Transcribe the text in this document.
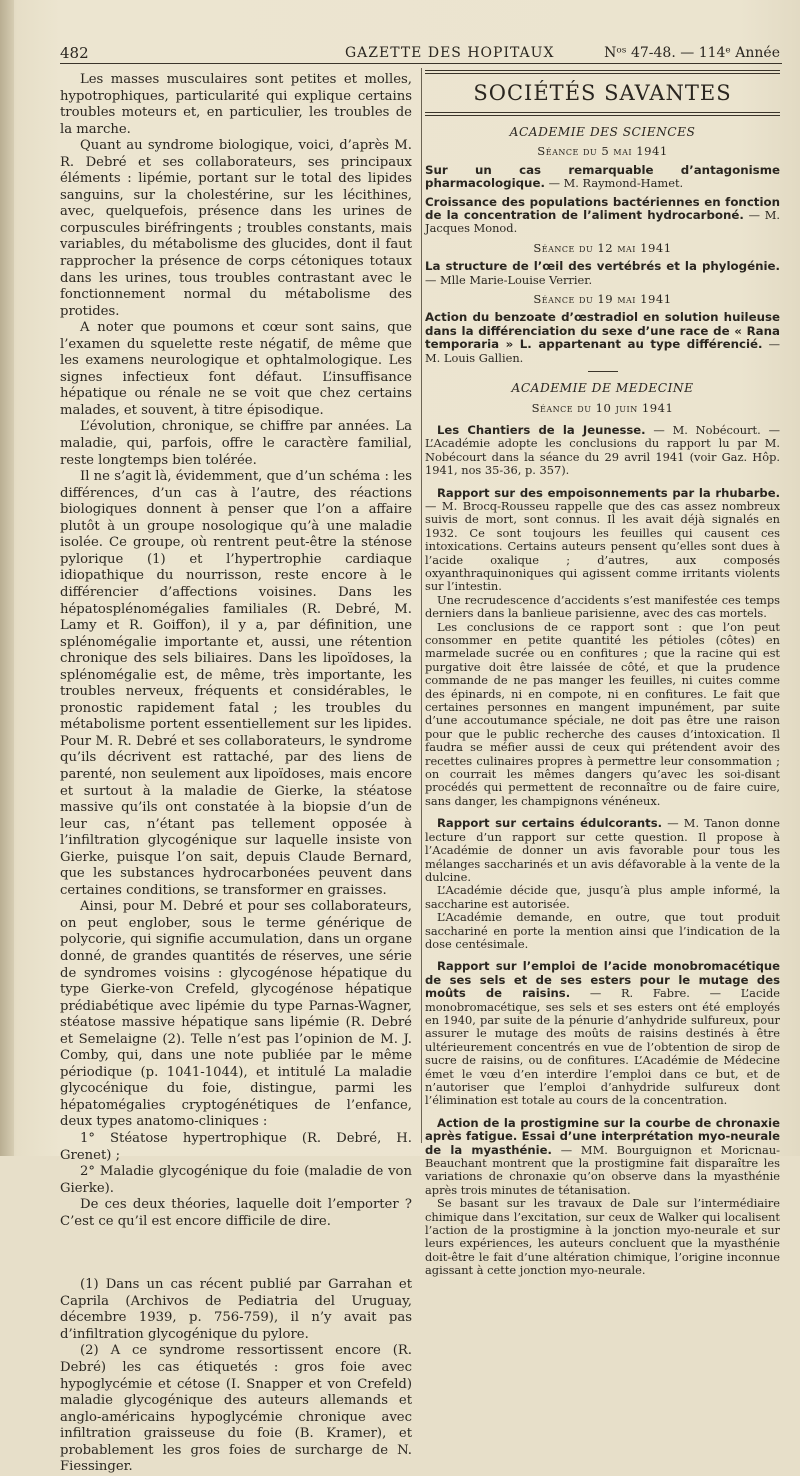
482	GAZETTE DES HOPITAUX	Nᵒˢ 47-48. — 114ᵉ Année

Les masses musculaires sont petites et molles, hypotrophiques, particularité qui explique certains troubles moteurs et, en particulier, les troubles de la marche.

Quant au syndrome biologique, voici, d’après M. R. Debré et ses collaborateurs, ses principaux éléments : lipémie, portant sur le total des lipides sanguins, sur la cholestérine, sur les lécithines, avec, quelquefois, présence dans les urines de corpuscules biréfringents ; troubles constants, mais variables, du métabolisme des glucides, dont il faut rapprocher la présence de corps cétoniques totaux dans les urines, tous troubles contrastant avec le fonctionnement normal du métabolisme des protides.

A noter que poumons et cœur sont sains, que l’examen du squelette reste négatif, de même que les examens neurologique et ophtalmologique. Les signes infectieux font défaut. L’insuffisance hépatique ou rénale ne se voit que chez certains malades, et souvent, à titre épisodique.

L’évolution, chronique, se chiffre par années. La maladie, qui, parfois, offre le caractère familial, reste longtemps bien tolérée.

Il ne s’agit là, évidemment, que d’un schéma : les différences, d’un cas à l’autre, des réactions biologiques donnent à penser que l’on a affaire plutôt à un groupe nosologique qu’à une maladie isolée. Ce groupe, où rentrent peut-être la sténose pylorique (1) et l’hypertrophie cardiaque idiopathique du nourrisson, reste encore à le différencier d’affections voisines. Dans les hépatosplénomégalies familiales (R. Debré, M. Lamy et R. Goiffon), il y a, par définition, une splénomégalie importante et, aussi, une rétention chronique des sels biliaires. Dans les lipoïdoses, la splénomégalie est, de même, très importante, les troubles nerveux, fréquents et considérables, le pronostic rapidement fatal ; les troubles du métabolisme portent essentiellement sur les lipides. Pour M. R. Debré et ses collaborateurs, le syndrome qu’ils décrivent est rattaché, par des liens de parenté, non seulement aux lipoïdoses, mais encore et surtout à la maladie de Gierke, la stéatose massive qu’ils ont constatée à la biopsie d’un de leur cas, n’étant pas tellement opposée à l’infiltration glycogénique sur laquelle insiste von Gierke, puisque l’on sait, depuis Claude Bernard, que les substances hydrocarbonées peuvent dans certaines conditions, se transformer en graisses.

Ainsi, pour M. Debré et pour ses collaborateurs, on peut englober, sous le terme générique de polycorie, qui signifie accumulation, dans un organe donné, de grandes quantités de réserves, une série de syndromes voisins : glycogénose hépatique du type Gierke-von Crefeld, glycogénose hépatique prédiabétique avec lipémie du type Parnas-Wagner, stéatose massive hépatique sans lipémie (R. Debré et Semelaigne (2). Telle n’est pas l’opinion de M. J. Comby, qui, dans une note publiée par le même périodique (p. 1041-1044), et intitulé La maladie glycocénique du foie, distingue, parmi les hépatomégalies cryptogénétiques de l’enfance, deux types anatomo-cliniques :

1° Stéatose hypertrophique (R. Debré, H. Grenet) ;

2° Maladie glycogénique du foie (maladie de von Gierke).

De ces deux théories, laquelle doit l’emporter ? C’est ce qu’il est encore difficile de dire.

(1) Dans un cas récent publié par Garrahan et Caprila (Archivos de Pediatria del Uruguay, décembre 1939, p. 756-759), il n’y avait pas d’infiltration glycogénique du pylore.

(2) A ce syndrome ressortissent encore (R. Debré) les cas étiquetés : gros foie avec hypoglycémie et cétose (I. Snapper et von Crefeld) maladie glycogénique des auteurs allemands et anglo-américains hypoglycémie chronique avec infiltration graisseuse du foie (B. Kramer), et probablement les gros foies de surcharge de N. Fiessinger.

SOCIÉTÉS SAVANTES
ACADEMIE DES SCIENCES
Séance du 5 mai 1941
Sur un cas remarquable d’antagonisme pharmacologique. — M. Raymond-Hamet.
Croissance des populations bactériennes en fonction de la concentration de l’aliment hydrocarboné. — M. Jacques Monod.
Séance du 12 mai 1941
La structure de l’œil des vertébrés et la phylogénie. — Mlle Marie-Louise Verrier.
Séance du 19 mai 1941
Action du benzoate d’œstradiol en solution huileuse dans la différenciation du sexe d’une race de « Rana temporaria » L. appartenant au type différencié. — M. Louis Gallien.
ACADEMIE DE MEDECINE
Séance du 10 juin 1941

Les Chantiers de la Jeunesse. — M. Nobécourt. — L’Académie adopte les conclusions du rapport lu par M. Nobécourt dans la séance du 29 avril 1941 (voir Gaz. Hôp. 1941, nos 35-36, p. 357).

Rapport sur des empoisonnements par la rhubarbe. — M. Brocq-Rousseu rappelle que des cas assez nombreux suivis de mort, sont connus. Il les avait déjà signalés en 1932. Ce sont toujours les feuilles qui causent ces intoxications. Certains auteurs pensent qu’elles sont dues à l’acide oxalique ; d’autres, aux composés oxyanthraquinoniques qui agissent comme irritants violents sur l’intestin.

Une recrudescence d’accidents s’est manifestée ces temps derniers dans la banlieue parisienne, avec des cas mortels.

Les conclusions de ce rapport sont : que l’on peut consommer en petite quantité les pétioles (côtes) en marmelade sucrée ou en confitures ; que la racine qui est purgative doit être laissée de côté, et que la prudence commande de ne pas manger les feuilles, ni cuites comme des épinards, ni en compote, ni en confitures. Le fait que certaines personnes en mangent impunément, par suite d’une accoutumance spéciale, ne doit pas être une raison pour que le public recherche des causes d’intoxication. Il faudra se méfier aussi de ceux qui prétendent avoir des recettes culinaires propres à permettre leur consommation ; on courrait les mêmes dangers qu’avec les soi-disant procédés qui permettent de reconnaître ou de faire cuire, sans danger, les champignons vénéneux.

Rapport sur certains édulcorants. — M. Tanon donne lecture d’un rapport sur cette question. Il propose à l’Académie de donner un avis favorable pour tous les mélanges saccharinés et un avis défavorable à la vente de la dulcine.

L’Académie décide que, jusqu’à plus ample informé, la saccharine est autorisée.

L’Académie demande, en outre, que tout produit sacchariné en porte la mention ainsi que l’indication de la dose centésimale.

Rapport sur l’emploi de l’acide monobromacétique de ses sels et de ses esters pour le mutage des moûts de raisins. — R. Fabre. — L’acide monobromacétique, ses sels et ses esters ont été employés en 1940, par suite de la pénurie d’anhydride sulfureux, pour assurer le mutage des moûts de raisins destinés à être ultérieurement concentrés en vue de l’obtention de sirop de sucre de raisins, ou de confitures. L’Académie de Médecine émet le vœu d’en interdire l’emploi dans ce but, et de n’autoriser que l’emploi d’anhydride sulfureux dont l’élimination est totale au cours de la concentration.

Action de la prostigmine sur la courbe de chronaxie après fatigue. Essai d’une interprétation myo-neurale de la myasthénie. — MM. Bourguignon et Moricnau-Beauchant montrent que la prostigmine fait disparaître les variations de chronaxie qu’on observe dans la myasthénie après trois minutes de tétanisation.

Se basant sur les travaux de Dale sur l’intermédiaire chimique dans l’excitation, sur ceux de Walker qui localisent l’action de la prostigmine à la jonction myo-neurale et sur leurs expériences, les auteurs concluent que la myasthénie doit-être le fait d’une altération chimique, l’origine inconnue agissant à cette jonction myo-neurale.
